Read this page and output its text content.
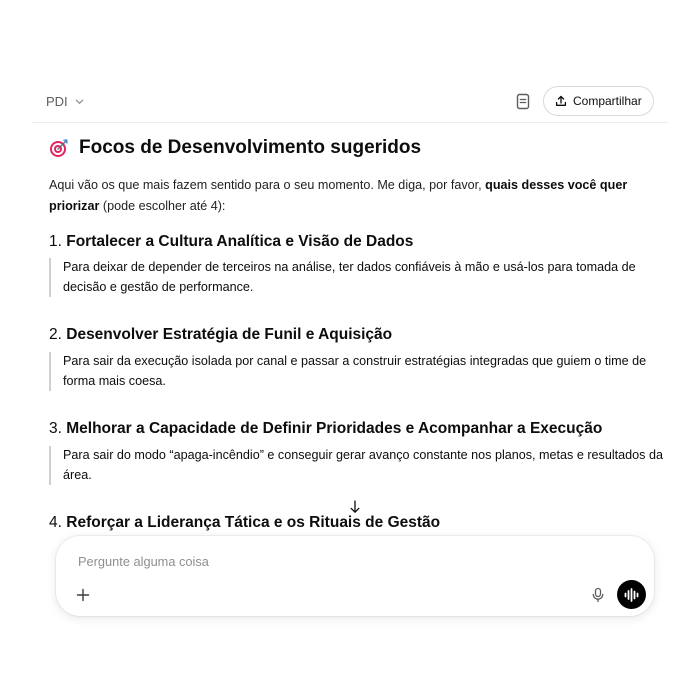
PDI	Compartilhar
Focos de Desenvolvimento sugeridos
Aqui vão os que mais fazem sentido para o seu momento. Me diga, por favor, quais desses você quer priorizar (pode escolher até 4):
1. Fortalecer a Cultura Analítica e Visão de Dados
Para deixar de depender de terceiros na análise, ter dados confiáveis à mão e usá-los para tomada de decisão e gestão de performance.
2. Desenvolver Estratégia de Funil e Aquisição
Para sair da execução isolada por canal e passar a construir estratégias integradas que guiem o time de forma mais coesa.
3. Melhorar a Capacidade de Definir Prioridades e Acompanhar a Execução
Para sair do modo “apaga-incêndio” e conseguir gerar avanço constante nos planos, metas e resultados da área.
4. Reforçar a Liderança Tática e os Rituais de Gestão
Pergunte alguma coisa
